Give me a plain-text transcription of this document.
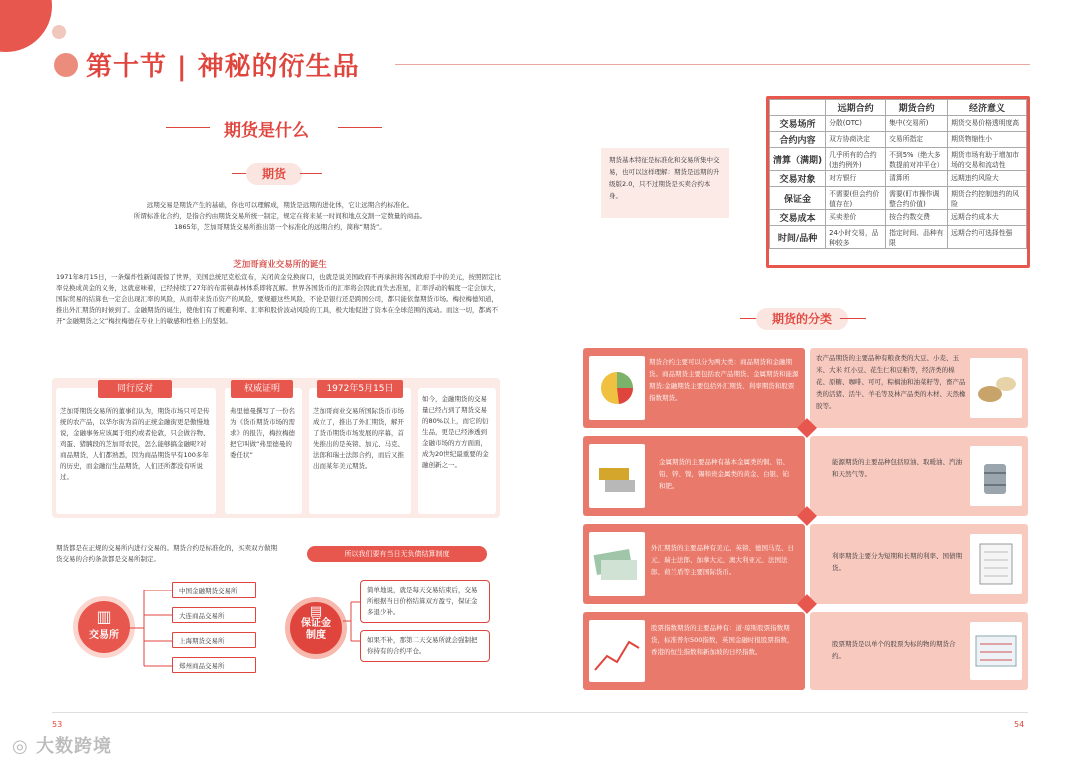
第十节 | 神秘的衍生品
期货是什么
期货
远期交易是期货产生的基础，你也可以理解成，期货是远期的进化体，它让远期合约标准化。
所谓标准化合约，是指合约由期货交易所统一制定，规定在将来某一时间和地点交割一定数量的商品。
1865年，芝加哥期货交易所推出第一个标准化的远期合约，简称“期货”。
芝加哥商业交易所的诞生
1971年8月15日，一条爆炸性新闻震惊了世界，美国总统尼克松宣布，关闭黄金兑换窗口，也就是说美国政府不再承担将各国政府手中的美元，按照固定比率兑换成黄金的义务，这就意味着，已经持续了27年的布雷顿森林体系即将瓦解。世界各国货币的汇率将会因此而失去准星，汇率浮动的幅度一定会加大，国际贸易的结算也一定会出现汇率的风险，从而带来货币资产的风险，要规避这些风险，不论是银行还是跨国公司，都只能依靠期货市场。梅拉梅德知道，推出外汇期货的时候到了。金融期货的诞生，使他们有了规避利率、汇率和股价波动风险的工具，极大地促进了资本在全球范围的流动。而这一切，都离不开“金融期货之父”梅拉梅德在专业上的敏感和性格上的坚韧。
同行反对
芝加哥期货交易所的董事们认为，期货市场只可是传统的农产品，以华尔街为首的正统金融街更是傲慢地说，金融事务应该属于纽约或者伦敦，只会做谷物、鸡蛋、猪腩段的芝加哥农民，怎么能够搞金融呢?对商品期货，人们都熟悉，因为商品期货早有100多年的历史，而金融衍生品期货，人们还所都没有听说过。
权威证明
弗里德曼撰写了一份名为《货币期货市场的需求》的报告，梅拉梅德把它叫做“弗里德曼的委任状”
1972年5月15日
芝加哥商业交易所国际货币市场成立了，推出了外汇期货，解开了货币期货市场发展的序幕，首先推出的是英镑、加元、马克、法郎和瑞士法郎合约，而后又推出而某年美元期货。
如今，金融期货的交易量已经占到了期货交易的80%以上，而它的衍生品，更是已经渗透到金融市场的方方面面，成为20世纪最重要的金融创新之一。
期货都是在正规的交易所内进行交易的。期货合约是标准化的，买卖双方做期货交易的合约条款都是交易所制定。
▥
交易所
中国金融期货交易所
大连商品交易所
上海期货交易所
郑州商品交易所
所以我们要有当日无负债结算制度
▤
保证金
制度
简单地说，就是每天交易结束后，交易所根据当日价格结算双方盈亏，保证金多退少补。
如果不补，那第二天交易所就会强制把你持有的合约平仓。
期货基本特征是标准化和交易所集中交易，也可以这样理解：期货是远期的升级版2.0，只不过期货是买卖合约本身。
	远期合约	期货合约	经济意义
交易场所	分散(OTC)	集中(交易所)	期货交易价格透明度高
合约内容	双方协商决定	交易所指定	期货物缩性小
清算（满期)	几乎所有的合约(违约例外)	不到5%（绝大多数提前对冲平仓）	期货市场有助于增加市场的交易和流动性
交易对象	对方银行	清算所	远期违约风险大
保证金	不需要(但会约价值存在)	需要(盯市操作调整合约价值)	期货合约控制违约的风险
交易成本	买卖差价	按合约数交费	远期合约成本大
时间/品种	24小时交易，品种较多	指定时间、品种有限	远期合约可选择性强
期货的分类
期货合约主要可以分为两大类：商品期货和金融期货。商品期货主要包括农产品期货、金属期货和能源期货;金融期货主要包括外汇期货、利率期货和股票指数期货。
农产品期货的主要品种有粮食类的大豆、小麦、玉米、大米 红小豆、花生仁和豆粕等，经济类的棉花、原糖、咖啡、可可，粽榈油和油菜籽等，畜产品类的活猪、活牛、羊毛等及林产品类的木材、天然橡胶等。
金属期货的主要品种有基本金属类的铜、铝、铅、锌、镍，锡和贵金属类的黄金、白银、铂和钯。
能源期货的主要品种包括原油、取暖油、汽油和天然气等。
外汇期货的主要品种有美元、英镑、德国马克、日元、瑞士法郎、加拿大元、澳大利亚元、法国法郎、荷兰盾等主要国际货币。
利率期货主要分为短期和长期的利率、国债期货。
股票指数期货的主要品种有：道·琼斯股票指数期货，标准普尔500指数，英国金融时报股票指数，香港的恒生指数和新加坡的日经指数。
股票期货是以单个的股票为标的物的期货合约。
53	54
◎ 大数跨境
